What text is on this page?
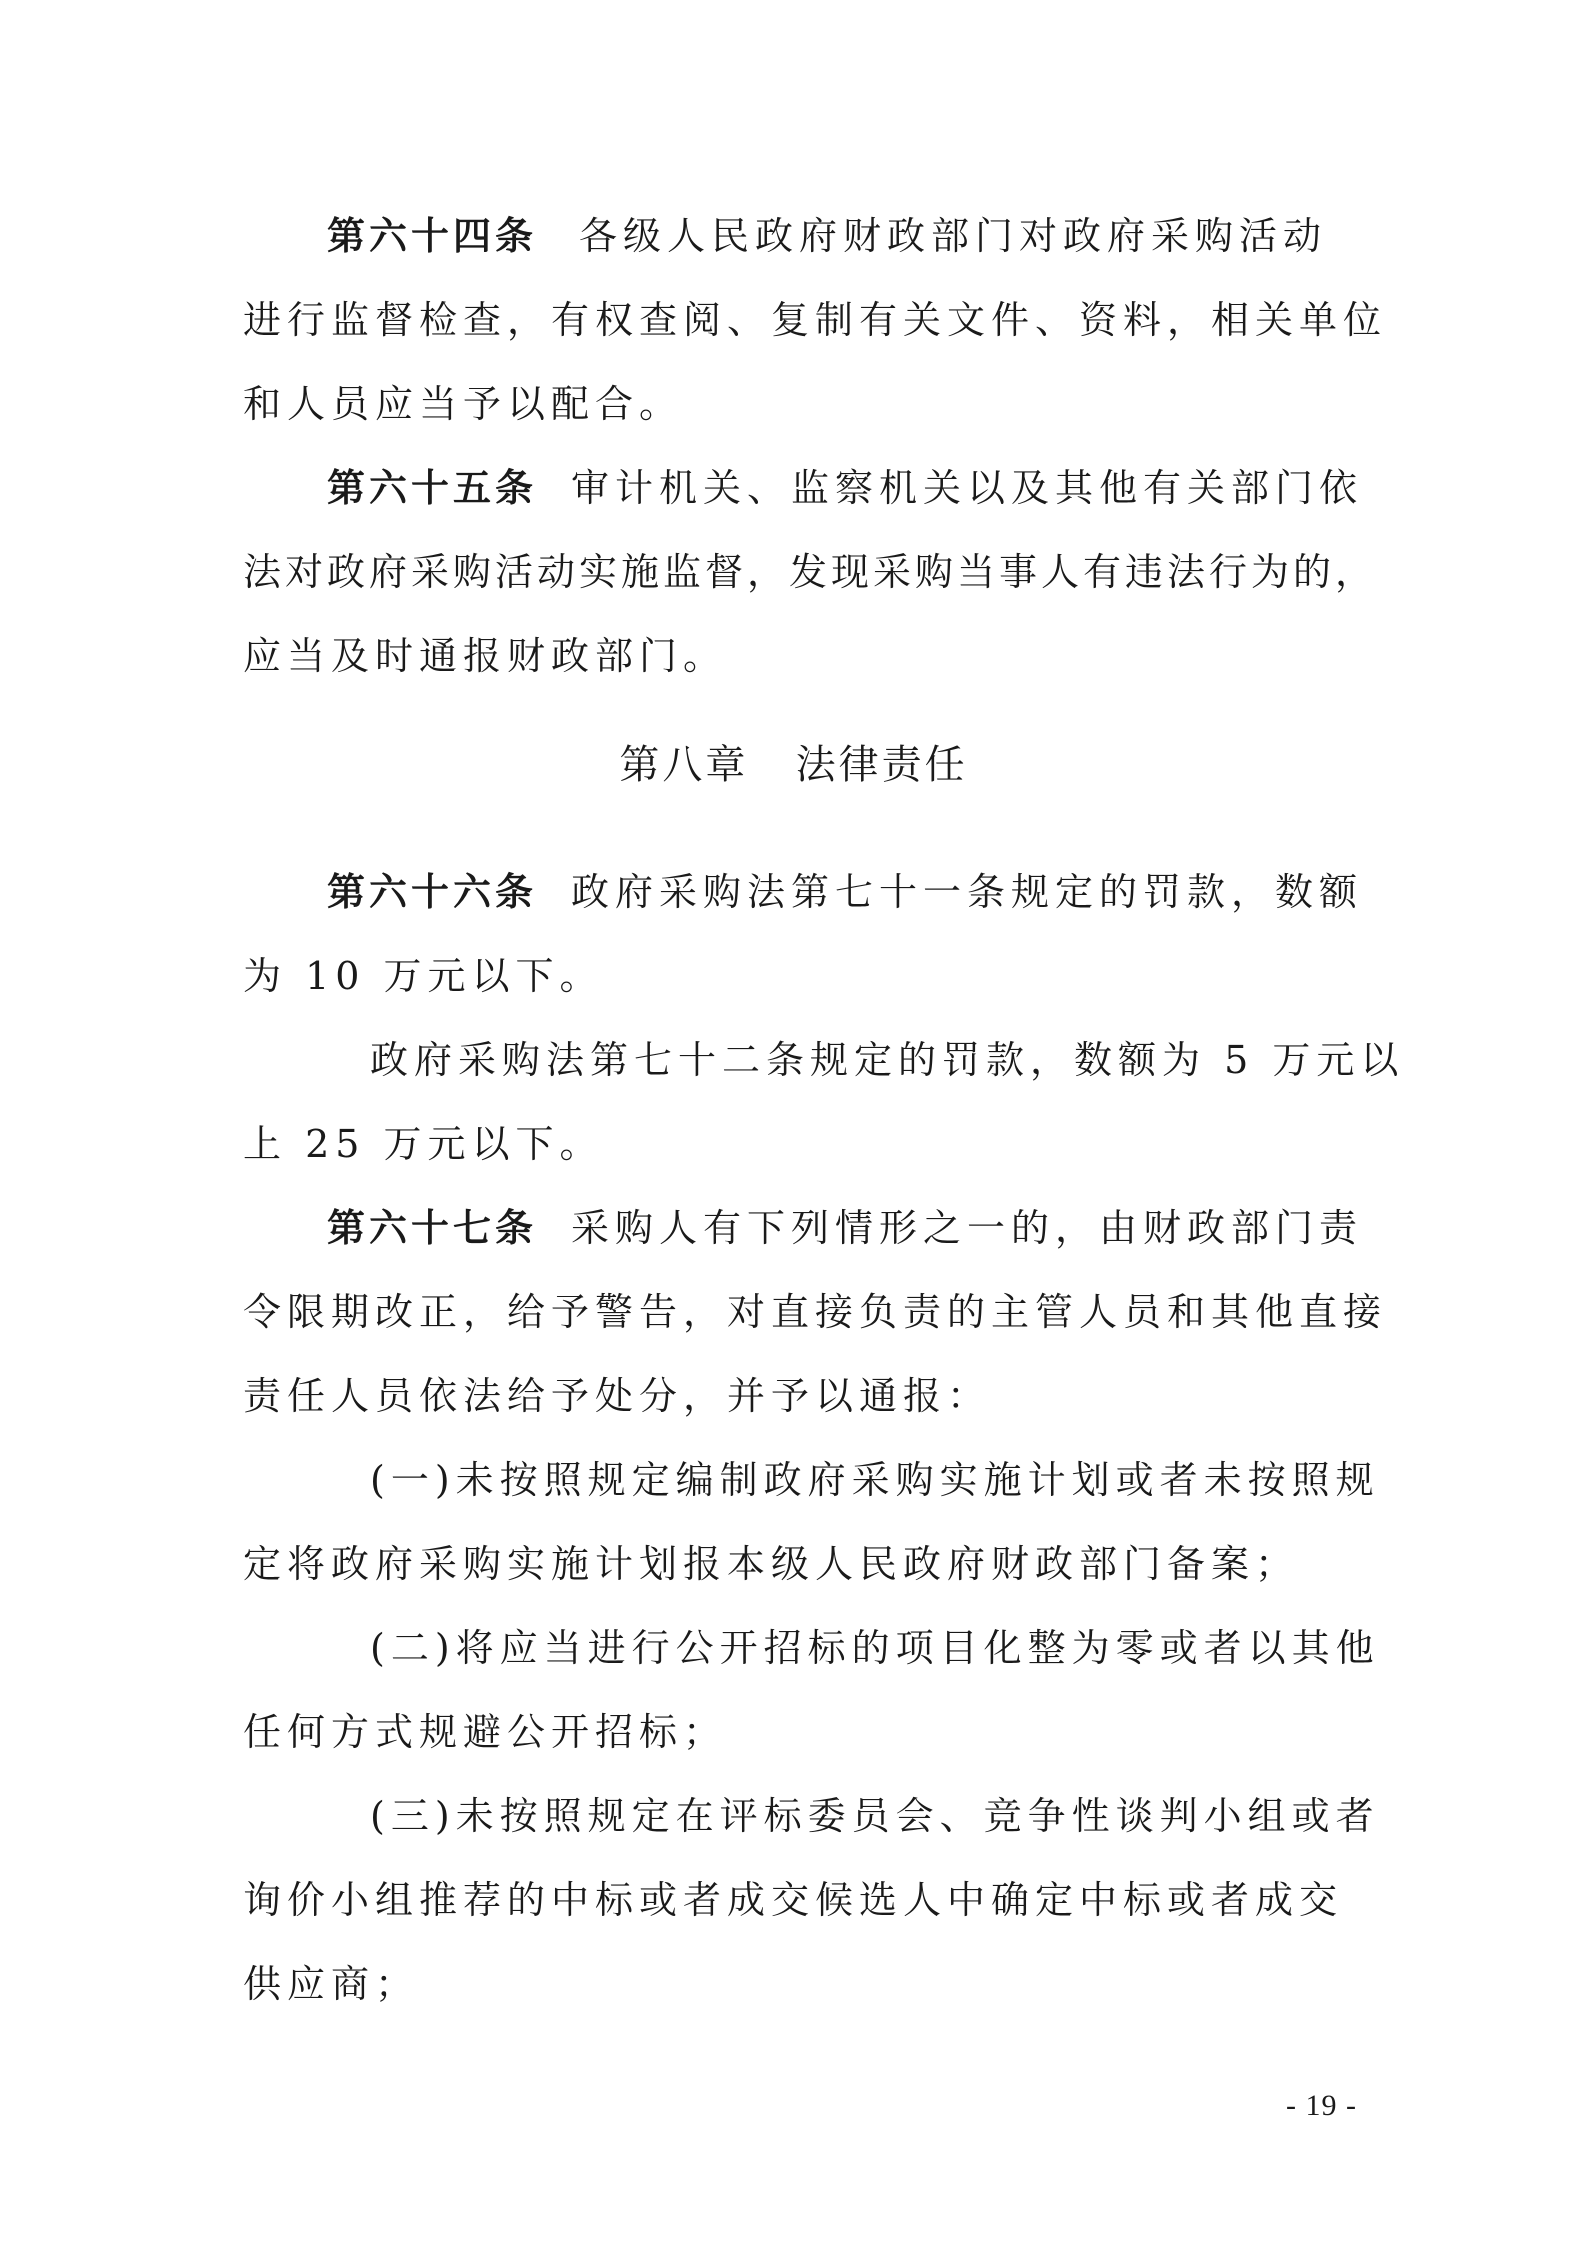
第六十四条 各级人民政府财政部门对政府采购活动
进行监督检查，有权查阅、复制有关文件、资料，相关单位
和人员应当予以配合。
第六十五条 审计机关、监察机关以及其他有关部门依
法对政府采购活动实施监督，发现采购当事人有违法行为的，
应当及时通报财政部门。
第八章   法律责任
第六十六条 政府采购法第七十一条规定的罚款，数额
为 10 万元以下。
政府采购法第七十二条规定的罚款，数额为 5 万元以
上 25 万元以下。
第六十七条 采购人有下列情形之一的，由财政部门责
令限期改正，给予警告，对直接负责的主管人员和其他直接
责任人员依法给予处分，并予以通报：
(一)未按照规定编制政府采购实施计划或者未按照规
定将政府采购实施计划报本级人民政府财政部门备案；
(二)将应当进行公开招标的项目化整为零或者以其他
任何方式规避公开招标；
(三)未按照规定在评标委员会、竞争性谈判小组或者
询价小组推荐的中标或者成交候选人中确定中标或者成交
供应商；
- 19 -
